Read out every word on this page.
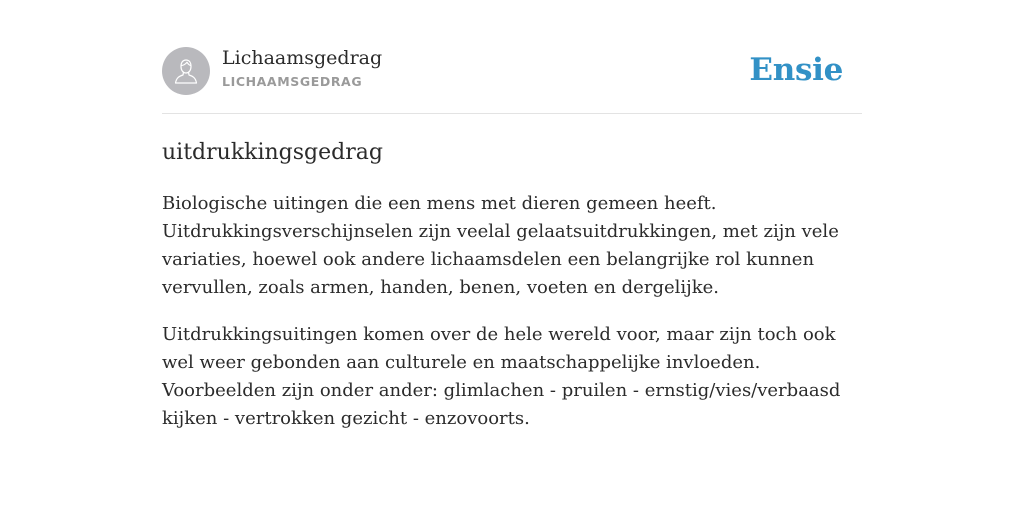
Lichaamsgedrag
LICHAAMSGEDRAG	Ensie
uitdrukkingsgedrag

Biologische uitingen die een mens met dieren gemeen heeft. Uitdrukkingsverschijnselen zijn veelal gelaatsuitdrukkingen, met zijn vele variaties, hoewel ook andere lichaamsdelen een belangrijke rol kunnen vervullen, zoals armen, handen, benen, voeten en dergelijke.

Uitdrukkingsuitingen komen over de hele wereld voor, maar zijn toch ook wel weer gebonden aan culturele en maatschappelijke invloeden. Voorbeelden zijn onder ander: glimlachen - pruilen - ernstig/vies/verbaasd kijken - vertrokken gezicht - enzovoorts.
